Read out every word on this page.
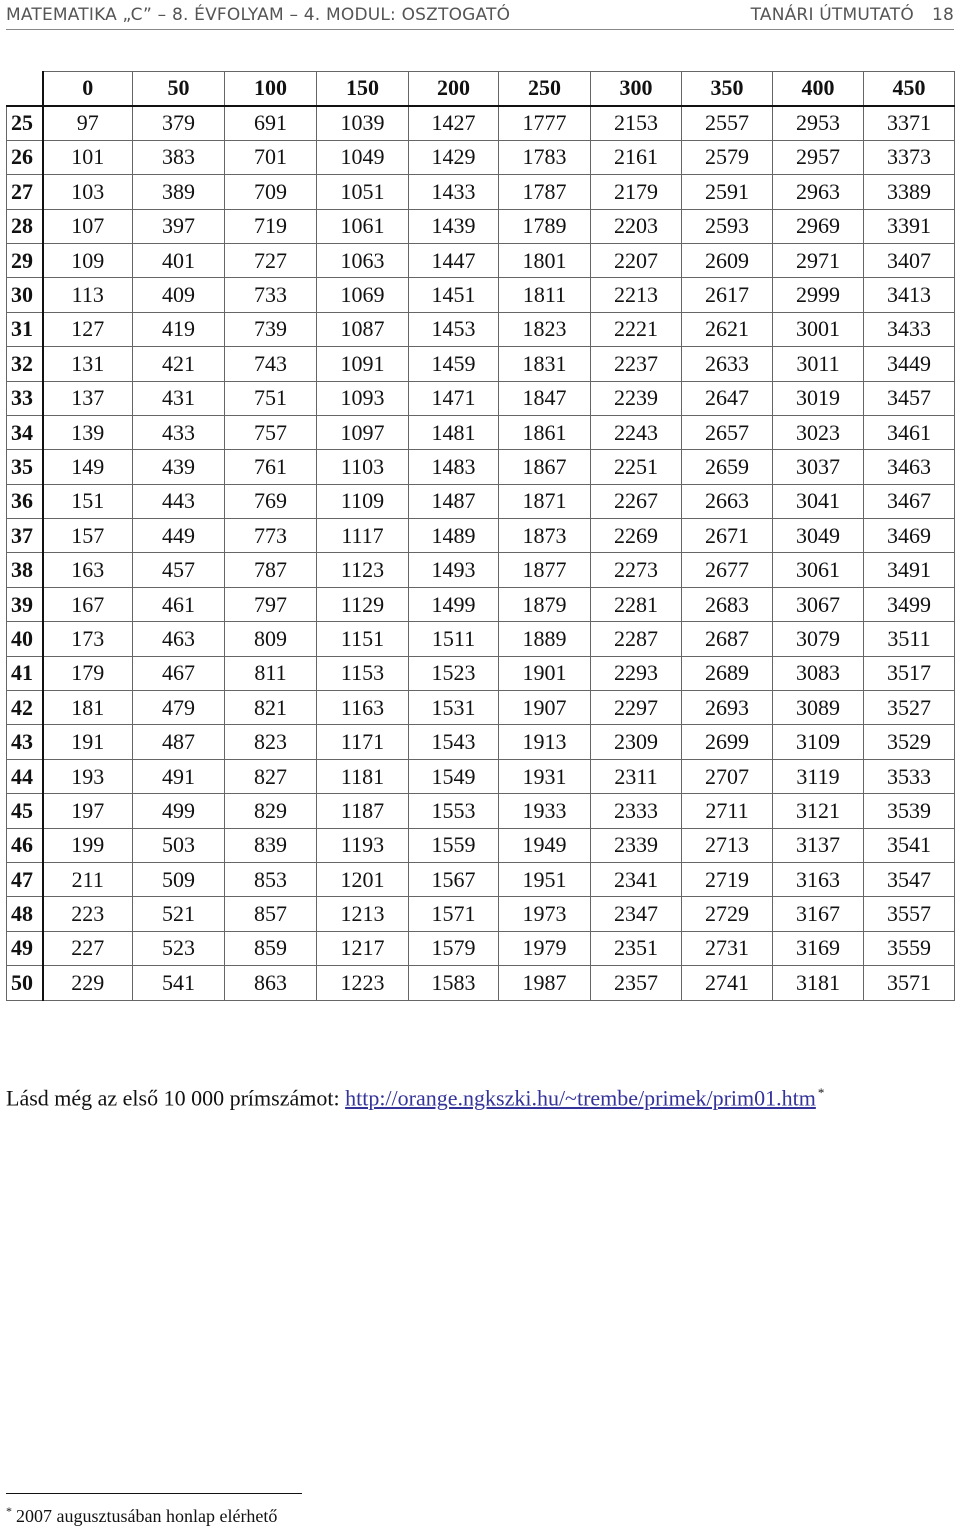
MATEMATIKA „C” – 8. ÉVFOLYAM – 4. MODUL: OSZTOGATÓ	TANÁRI ÚTMUTATÓ 18
	0	50	100	150	200	250	300	350	400	450
25	97	379	691	1039	1427	1777	2153	2557	2953	3371
26	101	383	701	1049	1429	1783	2161	2579	2957	3373
27	103	389	709	1051	1433	1787	2179	2591	2963	3389
28	107	397	719	1061	1439	1789	2203	2593	2969	3391
29	109	401	727	1063	1447	1801	2207	2609	2971	3407
30	113	409	733	1069	1451	1811	2213	2617	2999	3413
31	127	419	739	1087	1453	1823	2221	2621	3001	3433
32	131	421	743	1091	1459	1831	2237	2633	3011	3449
33	137	431	751	1093	1471	1847	2239	2647	3019	3457
34	139	433	757	1097	1481	1861	2243	2657	3023	3461
35	149	439	761	1103	1483	1867	2251	2659	3037	3463
36	151	443	769	1109	1487	1871	2267	2663	3041	3467
37	157	449	773	1117	1489	1873	2269	2671	3049	3469
38	163	457	787	1123	1493	1877	2273	2677	3061	3491
39	167	461	797	1129	1499	1879	2281	2683	3067	3499
40	173	463	809	1151	1511	1889	2287	2687	3079	3511
41	179	467	811	1153	1523	1901	2293	2689	3083	3517
42	181	479	821	1163	1531	1907	2297	2693	3089	3527
43	191	487	823	1171	1543	1913	2309	2699	3109	3529
44	193	491	827	1181	1549	1931	2311	2707	3119	3533
45	197	499	829	1187	1553	1933	2333	2711	3121	3539
46	199	503	839	1193	1559	1949	2339	2713	3137	3541
47	211	509	853	1201	1567	1951	2341	2719	3163	3547
48	223	521	857	1213	1571	1973	2347	2729	3167	3557
49	227	523	859	1217	1579	1979	2351	2731	3169	3559
50	229	541	863	1223	1583	1987	2357	2741	3181	3571
Lásd még az első 10 000 prímszámot: http://orange.ngkszki.hu/~trembe/primek/prim01.htm *
* 2007 augusztusában honlap elérhető
